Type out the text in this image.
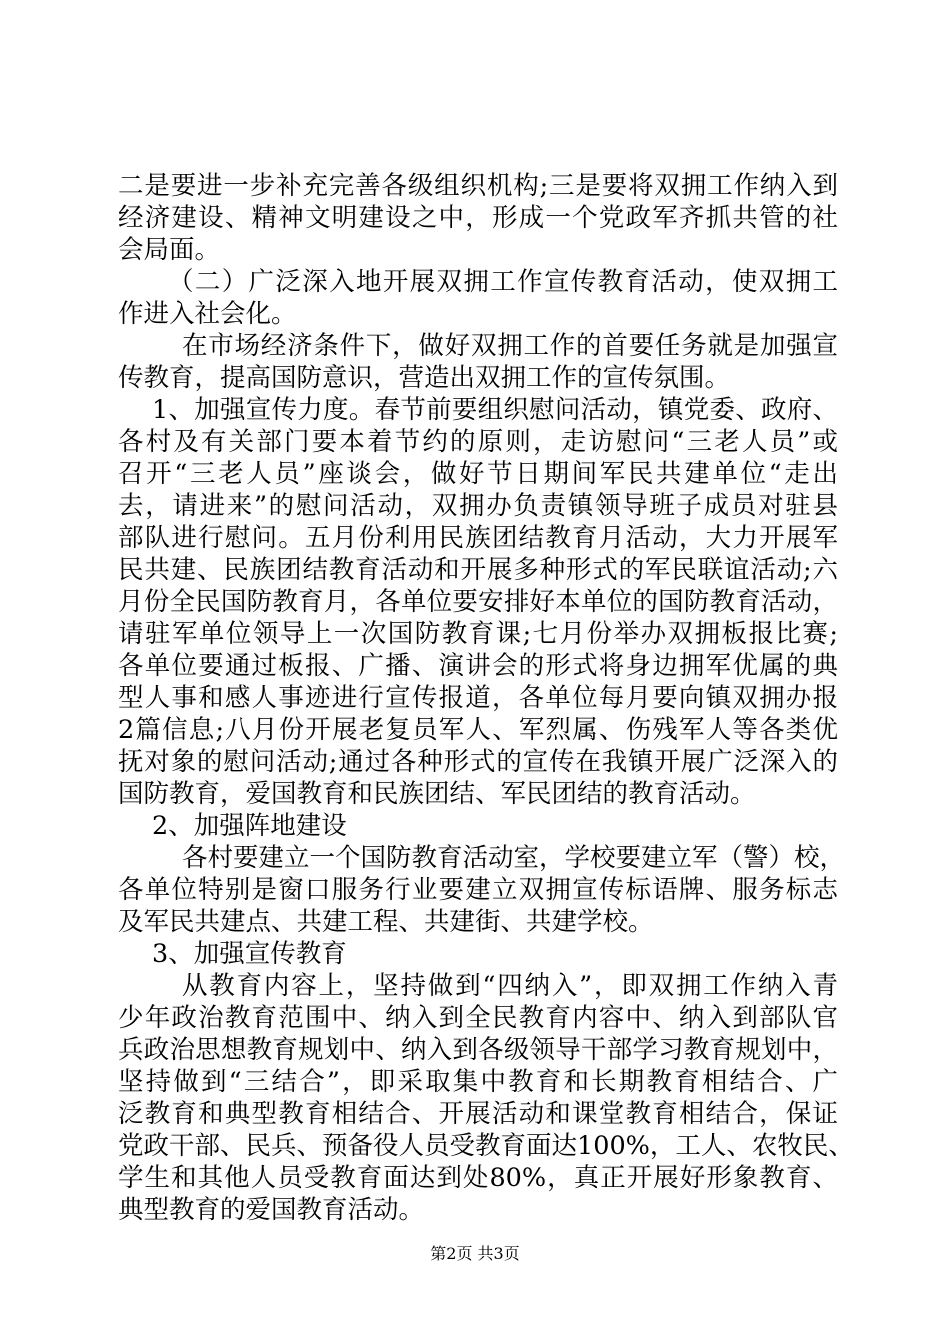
二是要进一步补充完善各级组织机构;三是要将双拥工作纳入到
经济建设、精神文明建设之中，形成一个党政军齐抓共管的社
会局面。
（二）广泛深入地开展双拥工作宣传教育活动，使双拥工
作进入社会化。
在市场经济条件下，做好双拥工作的首要任务就是加强宣
传教育，提高国防意识，营造出双拥工作的宣传氛围。
1、加强宣传力度。春节前要组织慰问活动，镇党委、政府、
各村及有关部门要本着节约的原则，走访慰问“三老人员”或
召开“三老人员”座谈会，做好节日期间军民共建单位“走出
去，请进来”的慰问活动，双拥办负责镇领导班子成员对驻县
部队进行慰问。五月份利用民族团结教育月活动，大力开展军
民共建、民族团结教育活动和开展多种形式的军民联谊活动;六
月份全民国防教育月，各单位要安排好本单位的国防教育活动，
请驻军单位领导上一次国防教育课;七月份举办双拥板报比赛;
各单位要通过板报、广播、演讲会的形式将身边拥军优属的典
型人事和感人事迹进行宣传报道，各单位每月要向镇双拥办报
2篇信息;八月份开展老复员军人、军烈属、伤残军人等各类优
抚对象的慰问活动;通过各种形式的宣传在我镇开展广泛深入的
国防教育，爱国教育和民族团结、军民团结的教育活动。
2、加强阵地建设
各村要建立一个国防教育活动室，学校要建立军（警）校，
各单位特别是窗口服务行业要建立双拥宣传标语牌、服务标志
及军民共建点、共建工程、共建街、共建学校。
3、加强宣传教育
从教育内容上，坚持做到“四纳入”，即双拥工作纳入青
少年政治教育范围中、纳入到全民教育内容中、纳入到部队官
兵政治思想教育规划中、纳入到各级领导干部学习教育规划中，
坚持做到“三结合”，即采取集中教育和长期教育相结合、广
泛教育和典型教育相结合、开展活动和课堂教育相结合，保证
党政干部、民兵、预备役人员受教育面达100%，工人、农牧民、
学生和其他人员受教育面达到处80%，真正开展好形象教育、
典型教育的爱国教育活动。
第2页 共3页
